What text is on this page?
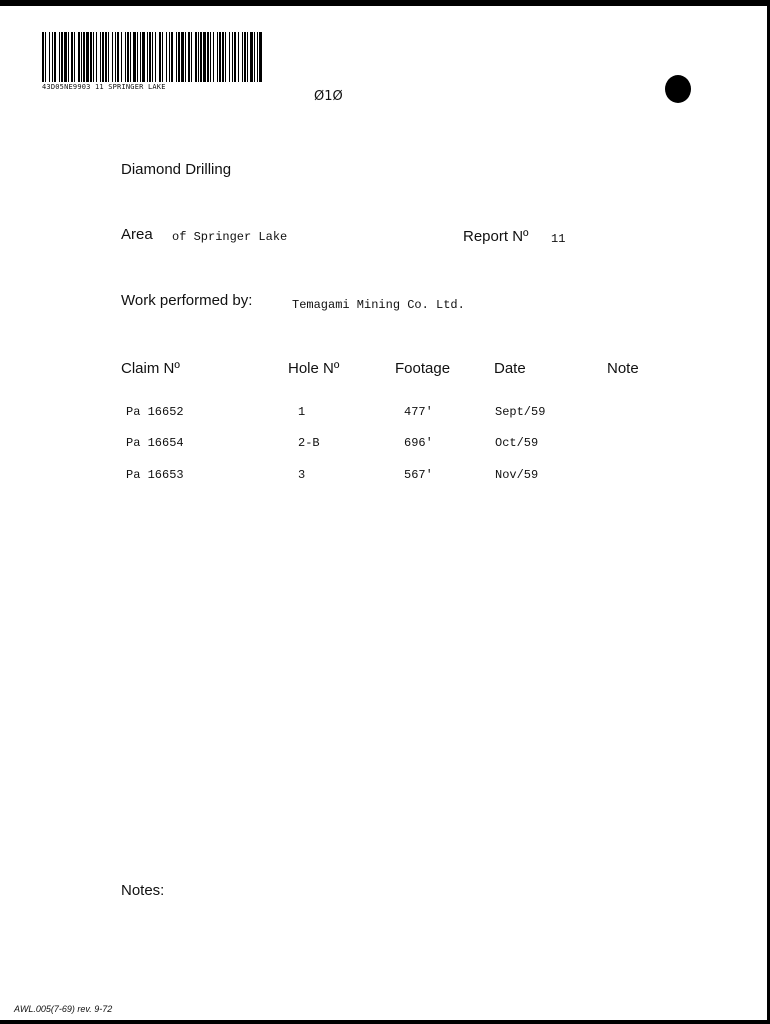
43D05NE9903 11 SPRINGER LAKE
Ø1Ø
Diamond Drilling
Area of Springer Lake	Report Nº 11
Work performed by:	Temagami Mining Co. Ltd.
Claim Nº	Hole Nº	Footage	Date	Note
Pa 16652	1	477'	Sept/59
Pa 16654	2-B	696'	Oct/59
Pa 16653	3	567'	Nov/59
Notes:
AWL.005(7-69) rev. 9-72
